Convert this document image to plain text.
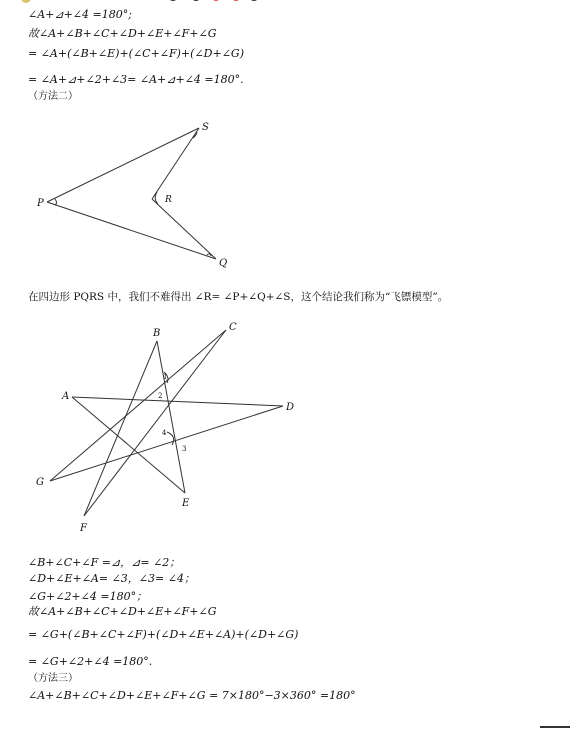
∠A+⊿+∠4 =180°;
故∠A+∠B+∠C+∠D+∠E+∠F+∠G
= ∠A+(∠B+∠E)+(∠C+∠F)+(∠D+∠G)
= ∠A+⊿+∠2+∠3= ∠A+⊿+∠4 =180°.
（方法二）
S
P	R
Q
在四边形 PQRS 中，我们不难得出 ∠R= ∠P+∠Q+∠S，这个结论我们称为“飞镖模型”。
B
C
A
D
G
E
F
1
2
4
3
∠B+∠C+∠F =⊿，⊿= ∠2；
∠D+∠E+∠A= ∠3，∠3= ∠4；
∠G+∠2+∠4 =180°；
故∠A+∠B+∠C+∠D+∠E+∠F+∠G
= ∠G+(∠B+∠C+∠F)+(∠D+∠E+∠A)+(∠D+∠G)
= ∠G+∠2+∠4 =180°.
（方法三）
∠A+∠B+∠C+∠D+∠E+∠F+∠G = 7×180°−3×360° =180°
